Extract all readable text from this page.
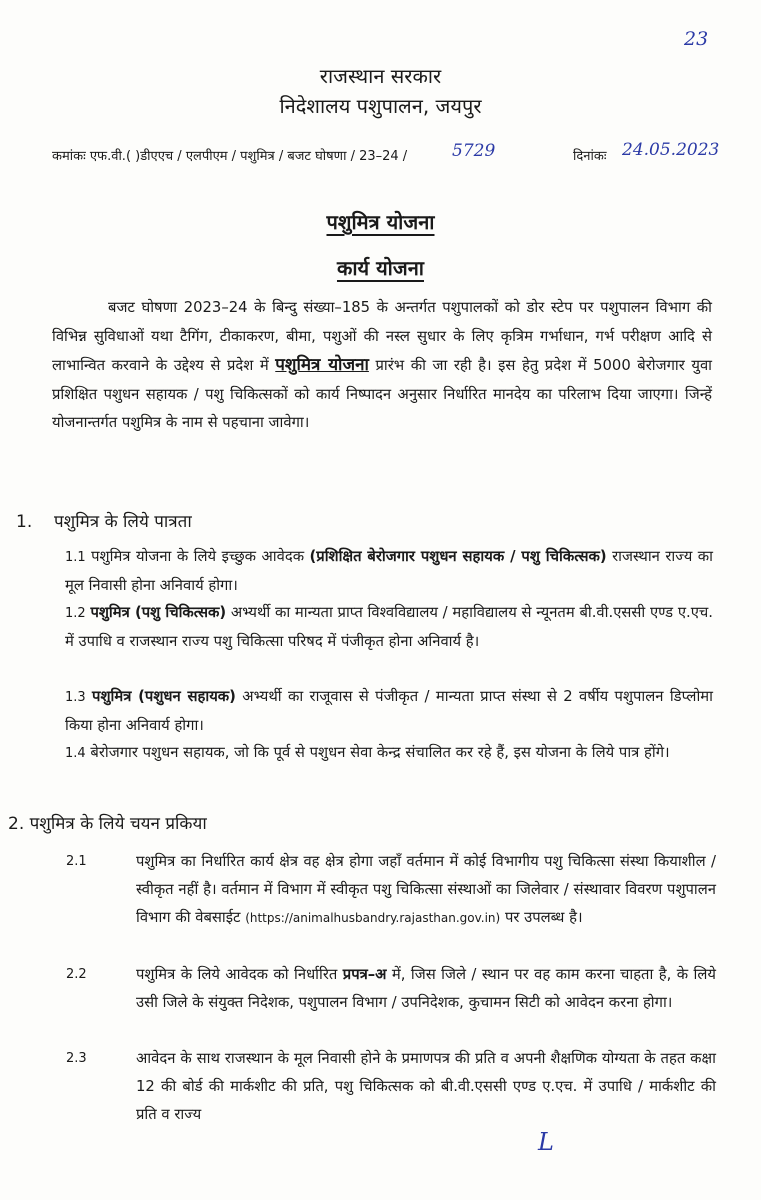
23
राजस्थान सरकार
निदेशालय पशुपालन, जयपुर
कमांकः एफ.वी.( )डीएएच / एलपीएम / पशुमित्र / बजट घोषणा / 23–24 /	5729	दिनांकः 24.05.2023
पशुमित्र योजना
कार्य योजना
बजट घोषणा 2023–24 के बिन्दु संख्या–185 के अन्तर्गत पशुपालकों को डोर स्टेप पर पशुपालन विभाग की विभिन्न सुविधाओं यथा टैगिंग, टीकाकरण, बीमा, पशुओं की नस्ल सुधार के लिए कृत्रिम गर्भाधान, गर्भ परीक्षण आदि से लाभान्वित करवाने के उद्देश्य से प्रदेश में पशुमित्र योजना प्रारंभ की जा रही है। इस हेतु प्रदेश में 5000 बेरोजगार युवा प्रशिक्षित पशुधन सहायक / पशु चिकित्सकों को कार्य निष्पादन अनुसार निर्धारित मानदेय का परिलाभ दिया जाएगा। जिन्हें योजनान्तर्गत पशुमित्र के नाम से पहचाना जावेगा।
1. पशुमित्र के लिये पात्रता
1.1 पशुमित्र योजना के लिये इच्छुक आवेदक (प्रशिक्षित बेरोजगार पशुधन सहायक / पशु चिकित्सक) राजस्थान राज्य का मूल निवासी होना अनिवार्य होगा।
1.2 पशुमित्र (पशु चिकित्सक) अभ्यर्थी का मान्यता प्राप्त विश्वविद्यालय / महाविद्यालय से न्यूनतम बी.वी.एससी एण्ड ए.एच. में उपाधि व राजस्थान राज्य पशु चिकित्सा परिषद में पंजीकृत होना अनिवार्य है।
1.3 पशुमित्र (पशुधन सहायक) अभ्यर्थी का राजूवास से पंजीकृत / मान्यता प्राप्त संस्था से 2 वर्षीय पशुपालन डिप्लोमा किया होना अनिवार्य होगा।
1.4 बेरोजगार पशुधन सहायक, जो कि पूर्व से पशुधन सेवा केन्द्र संचालित कर रहे हैं, इस योजना के लिये पात्र होंगे।
2. पशुमित्र के लिये चयन प्रकिया
2.1	पशुमित्र का निर्धारित कार्य क्षेत्र वह क्षेत्र होगा जहाँ वर्तमान में कोई विभागीय पशु चिकित्सा संस्था कियाशील / स्वीकृत नहीं है। वर्तमान में विभाग में स्वीकृत पशु चिकित्सा संस्थाओं का जिलेवार / संस्थावार विवरण पशुपालन विभाग की वेबसाईट (https://animalhusbandry.rajasthan.gov.in) पर उपलब्ध है।
2.2	पशुमित्र के लिये आवेदक को निर्धारित प्रपत्र–अ में, जिस जिले / स्थान पर वह काम करना चाहता है, के लिये उसी जिले के संयुक्त निदेशक, पशुपालन विभाग / उपनिदेशक, कुचामन सिटी को आवेदन करना होगा।
2.3	आवेदन के साथ राजस्थान के मूल निवासी होने के प्रमाणपत्र की प्रति व अपनी शैक्षणिक योग्यता के तहत कक्षा 12 की बोर्ड की मार्कशीट की प्रति, पशु चिकित्सक को बी.वी.एससी एण्ड ए.एच. में उपाधि / मार्कशीट की प्रति व राज्य
L
